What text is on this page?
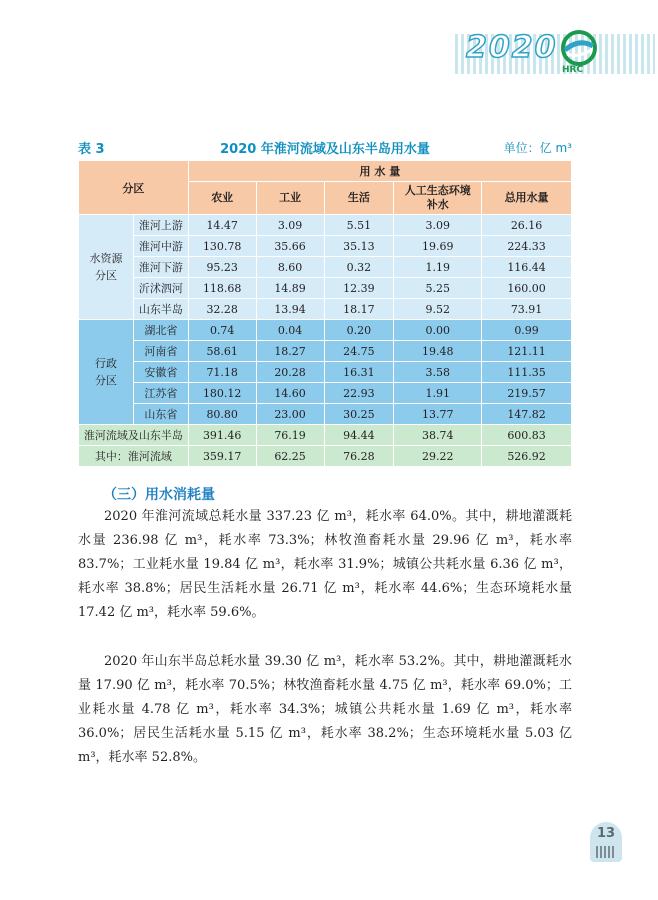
2020
HRC
表 3	2020 年淮河流域及山东半岛用水量	单位：亿 m³
分区		用 水 量				
		农业	工业	生活	人工生态环境补水	总用水量
水资源分区	淮河上游	14.47	3.09	5.51	3.09	26.16
	淮河中游	130.78	35.66	35.13	19.69	224.33
	淮河下游	95.23	8.60	0.32	1.19	116.44
	沂沭泗河	118.68	14.89	12.39	5.25	160.00
	山东半岛	32.28	13.94	18.17	9.52	73.91
行政分区	湖北省	0.74	0.04	0.20	0.00	0.99
	河南省	58.61	18.27	24.75	19.48	121.11
	安徽省	71.18	20.28	16.31	3.58	111.35
	江苏省	180.12	14.60	22.93	1.91	219.57
	山东省	80.80	23.00	30.25	13.77	147.82
淮河流域及山东半岛		391.46	76.19	94.44	38.74	600.83
其中：淮河流域		359.17	62.25	76.28	29.22	526.92
（三）用水消耗量

2020 年淮河流域总耗水量 337.23 亿 m³，耗水率 64.0%。其中，耕地灌溉耗水量 236.98 亿 m³，耗水率 73.3%；林牧渔畜耗水量 29.96 亿 m³，耗水率 83.7%；工业耗水量 19.84 亿 m³，耗水率 31.9%；城镇公共耗水量 6.36 亿 m³，耗水率 38.8%；居民生活耗水量 26.71 亿 m³，耗水率 44.6%；生态环境耗水量 17.42 亿 m³，耗水率 59.6%。

2020 年山东半岛总耗水量 39.30 亿 m³，耗水率 53.2%。其中，耕地灌溉耗水量 17.90 亿 m³，耗水率 70.5%；林牧渔畜耗水量 4.75 亿 m³，耗水率 69.0%；工业耗水量 4.78 亿 m³，耗水率 34.3%；城镇公共耗水量 1.69 亿 m³，耗水率 36.0%；居民生活耗水量 5.15 亿 m³，耗水率 38.2%；生态环境耗水量 5.03 亿 m³，耗水率 52.8%。

13
